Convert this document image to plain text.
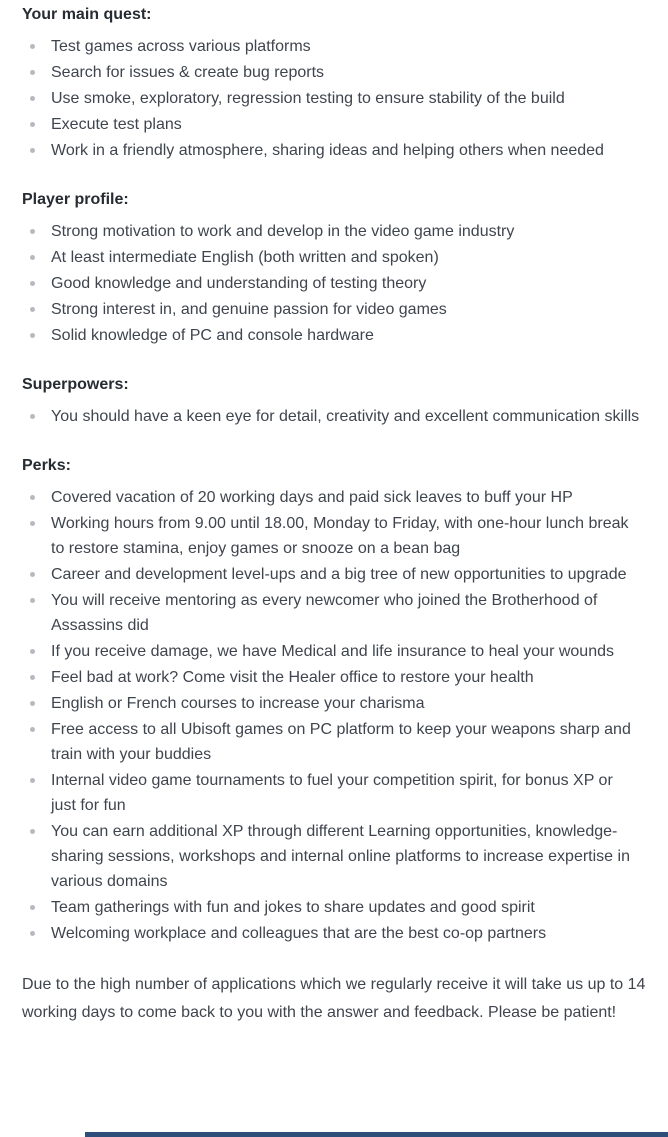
Your main quest:
Test games across various platforms
Search for issues & create bug reports
Use smoke, exploratory, regression testing to ensure stability of the build
Execute test plans
Work in a friendly atmosphere, sharing ideas and helping others when needed
Player profile:
Strong motivation to work and develop in the video game industry
At least intermediate English (both written and spoken)
Good knowledge and understanding of testing theory
Strong interest in, and genuine passion for video games
Solid knowledge of PC and console hardware
Superpowers:
You should have a keen eye for detail, creativity and excellent communication skills
Perks:
Covered vacation of 20 working days and paid sick leaves to buff your HP
Working hours from 9.00 until 18.00, Monday to Friday, with one-hour lunch break to restore stamina, enjoy games or snooze on a bean bag
Career and development level-ups and a big tree of new opportunities to upgrade
You will receive mentoring as every newcomer who joined the Brotherhood of Assassins did
If you receive damage, we have Medical and life insurance to heal your wounds
Feel bad at work? Come visit the Healer office to restore your health
English or French courses to increase your charisma
Free access to all Ubisoft games on PC platform to keep your weapons sharp and train with your buddies
Internal video game tournaments to fuel your competition spirit, for bonus XP or just for fun
You can earn additional XP through different Learning opportunities, knowledge-sharing sessions, workshops and internal online platforms to increase expertise in various domains
Team gatherings with fun and jokes to share updates and good spirit
Welcoming workplace and colleagues that are the best co-op partners

Due to the high number of applications which we regularly receive it will take us up to 14 working days to come back to you with the answer and feedback. Please be patient!
